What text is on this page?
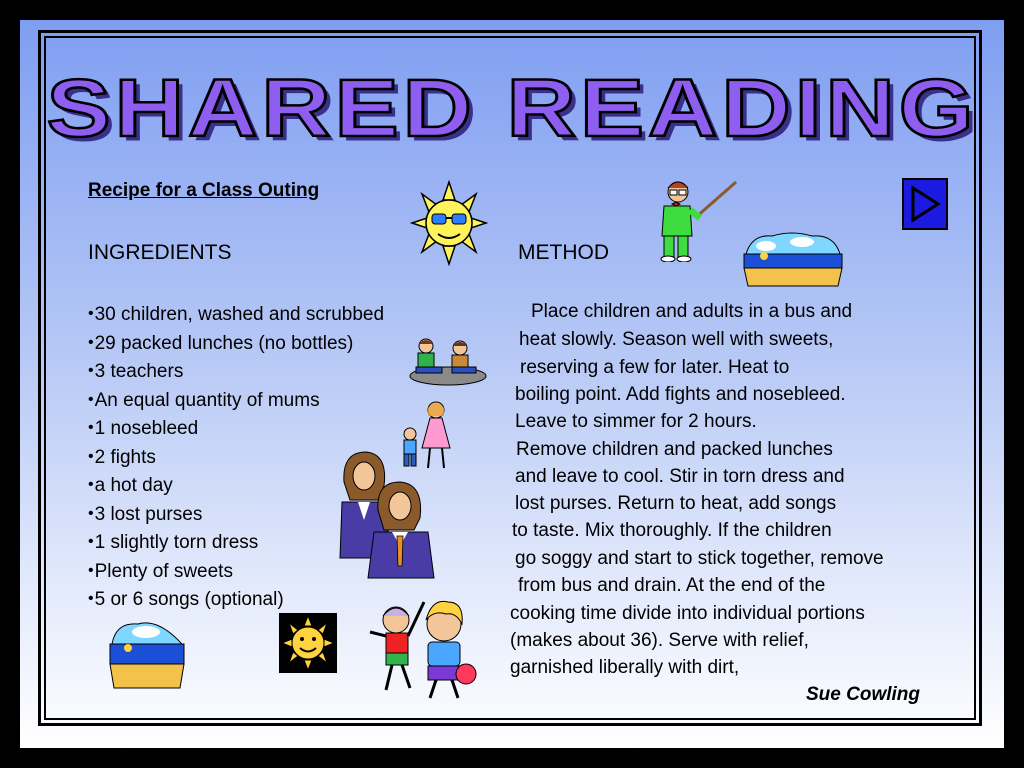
SHARED READING
Recipe for a Class Outing
INGREDIENTS	METHOD
• 30 children, washed and scrubbed
• 29 packed lunches (no bottles)
• 3 teachers
• An equal quantity of mums
• 1 nosebleed
• 2 fights
• a hot day
• 3 lost purses
• 1 slightly torn dress
• Plenty of sweets
• 5 or 6 songs (optional)
Place children and adults in a bus and
heat slowly. Season well with sweets,
reserving a few for later. Heat to
boiling point. Add fights and nosebleed.
Leave to simmer for 2 hours.
Remove children and packed lunches
and leave to cool. Stir in torn dress and
lost purses. Return to heat, add songs
to taste. Mix thoroughly. If the children
go soggy and start to stick together, remove
from bus and drain. At the end of the
cooking time divide into individual portions
(makes about 36). Serve with relief,
garnished liberally with dirt,
Sue Cowling
